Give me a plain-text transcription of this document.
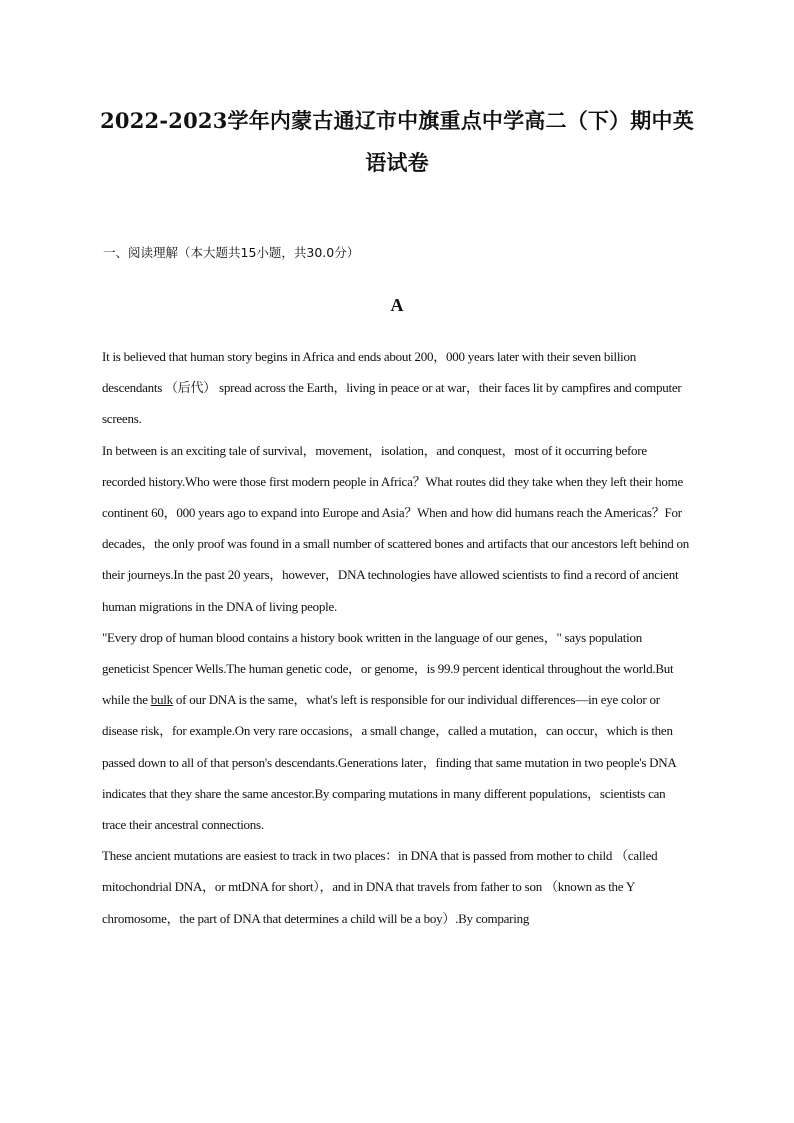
2022-2023学年内蒙古通辽市中旗重点中学高二（下）期中英语试卷
一、阅读理解（本大题共15小题，共30.0分）
A

It is believed that human story begins in Africa and ends about 200，000 years later with their seven billion descendants （后代） spread across the Earth，living in peace or at war，their faces lit by campfires and computer screens.

In between is an exciting tale of survival，movement，isolation，and conquest，most of it occurring before recorded history.Who were those first modern people in Africa？What routes did they take when they left their home continent 60，000 years ago to expand into Europe and Asia？When and how did humans reach the Americas？For decades，the only proof was found in a small number of scattered bones and artifacts that our ancestors left behind on their journeys.In the past 20 years，however，DNA technologies have allowed scientists to find a record of ancient human migrations in the DNA of living people.

"Every drop of human blood contains a history book written in the language of our genes，" says population geneticist Spencer Wells.The human genetic code，or genome，is 99.9 percent identical throughout the world.But while the bulk of our DNA is the same，what's left is responsible for our individual differences—in eye color or disease risk，for example.On very rare occasions，a small change，called a mutation，can occur，which is then passed down to all of that person's descendants.Generations later，finding that same mutation in two people's DNA indicates that they share the same ancestor.By comparing mutations in many different populations，scientists can trace their ancestral connections.

These ancient mutations are easiest to track in two places：in DNA that is passed from mother to child （called mitochondrial DNA，or mtDNA for short），and in DNA that travels from father to son （known as the Y chromosome，the part of DNA that determines a child will be a boy）.By comparing
